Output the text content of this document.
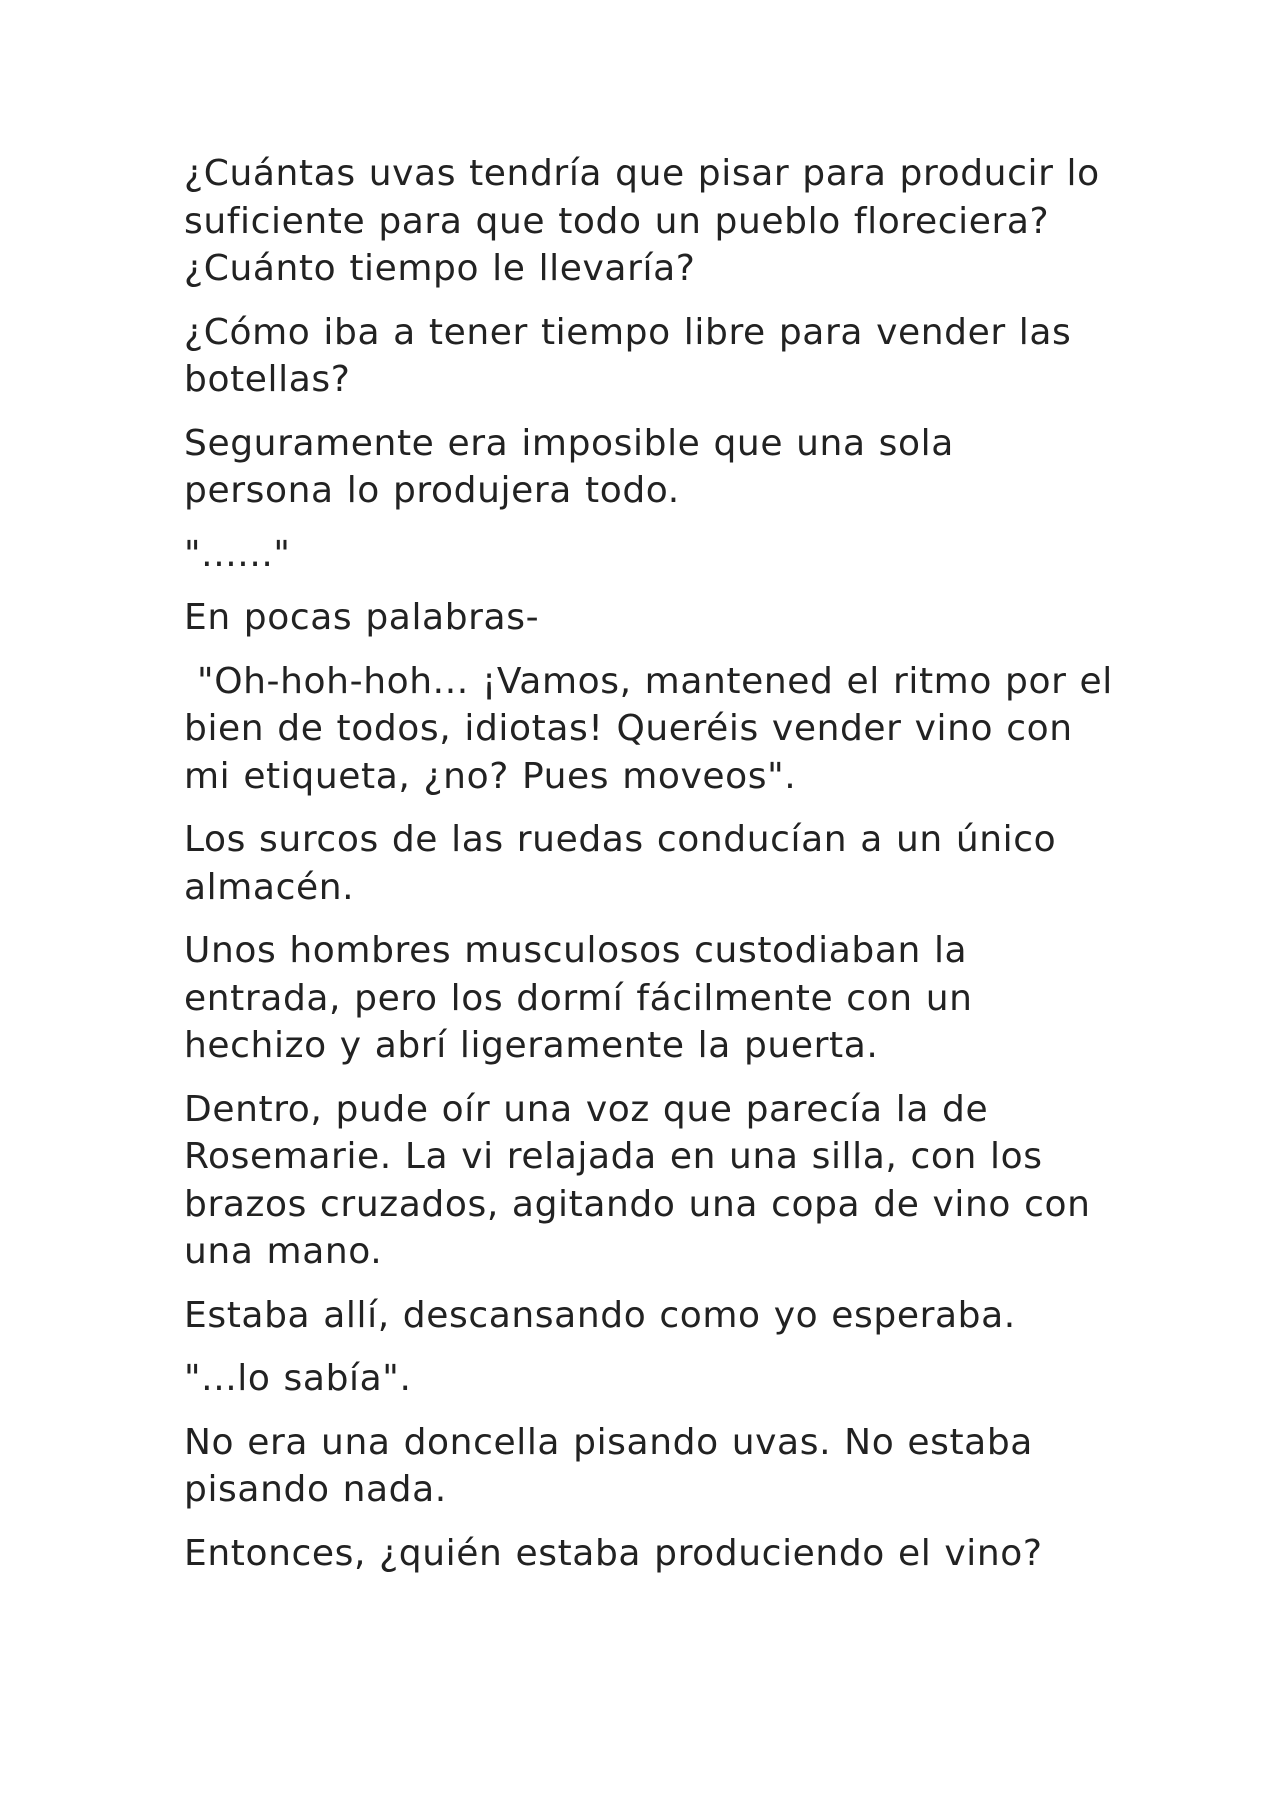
¿Cuántas uvas tendría que pisar para producir lo suficiente para que todo un pueblo floreciera? ¿Cuánto tiempo le llevaría?

¿Cómo iba a tener tiempo libre para vender las botellas?

Seguramente era imposible que una sola persona lo produjera todo.

"......"

En pocas palabras-

"Oh-hoh-hoh... ¡Vamos, mantened el ritmo por el bien de todos, idiotas! Queréis vender vino con mi etiqueta, ¿no? Pues moveos".

Los surcos de las ruedas conducían a un único almacén.

Unos hombres musculosos custodiaban la entrada, pero los dormí fácilmente con un hechizo y abrí ligeramente la puerta.

Dentro, pude oír una voz que parecía la de Rosemarie. La vi relajada en una silla, con los brazos cruzados, agitando una copa de vino con una mano.

Estaba allí, descansando como yo esperaba.

"...lo sabía".

No era una doncella pisando uvas. No estaba pisando nada.

Entonces, ¿quién estaba produciendo el vino?
